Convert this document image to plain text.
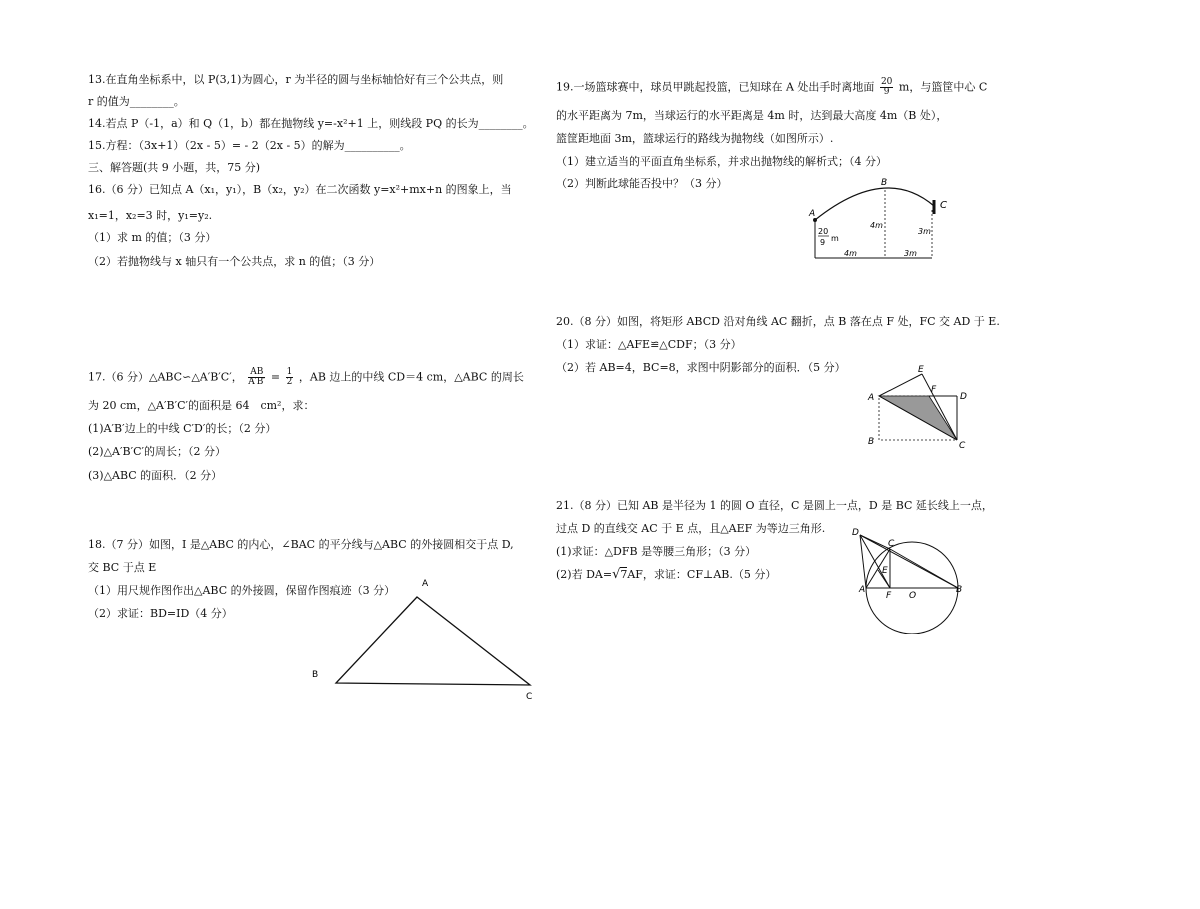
13.在直角坐标系中，以 P(3,1)为圆心，r 为半径的圆与坐标轴恰好有三个公共点，则
r 的值为________。
14.若点 P（-1，a）和 Q（1，b）都在抛物线 y=-x²+1 上，则线段 PQ 的长为________。
15.方程：（3x+1）（2x - 5）= - 2（2x - 5）的解为__________。
三、解答题(共 9 小题，共，75 分)
16.（6 分）已知点 A（x₁，y₁），B（x₂，y₂）在二次函数 y=x²+mx+n 的图象上，当
x₁=1，x₂=3 时，y₁=y₂.
（1）求 m 的值；（3 分）
（2）若抛物线与 x 轴只有一个公共点，求 n 的值；（3 分）
17.（6 分）△ABC∽△A′B′C′， $\frac{AB}{A'B'} = \frac{1}{2}$ ，AB 边上的中线 CD＝4 cm，△ABC 的周长
为 20 cm，△A′B′C′的面积是 64　cm²，求：
(1)A′B′边上的中线 C′D′的长；（2 分）
(2)△A′B′C′的周长；（2 分）
(3)△ABC 的面积．（2 分）
18.（7 分）如图，I 是△ABC 的内心，∠BAC 的平分线与△ABC 的外接圆相交于点 D,
交 BC 于点 E
（1）用尺规作图作出△ABC 的外接圆，保留作图痕迹（3 分）
（2）求证：BD=ID（4 分）
A
B
C
19.一场篮球赛中，球员甲跳起投篮，已知球在 A 处出手时离地面 $\frac{20}{9}$ m，与篮筐中心 C
的水平距离为 7m，当球运行的水平距离是 4m 时，达到最大高度 4m（B 处），
篮筐距地面 3m，篮球运行的路线为抛物线（如图所示）.
（1）建立适当的平面直角坐标系，并求出抛物线的解析式；（4 分）
（2）判断此球能否投中？（3 分）
A
B
C
20
9 m
4m
3m
4m	3m
20.（8 分）如图，将矩形 ABCD 沿对角线 AC 翻折，点 B 落在点 F 处，FC 交 AD 于 E.
（1）求证：△AFE≌△CDF；（3 分）
（2）若 AB=4，BC=8，求图中阴影部分的面积．（5 分）
A
B	C
D
E
F
21.（8 分）已知 AB 是半径为 1 的圆 O 直径，C 是圆上一点，D 是 BC 延长线上一点，
过点 D 的直线交 AC 于 E 点，且△AEF 为等边三角形.
(1)求证：△DFB 是等腰三角形；（3 分）
(2)若 DA=√7AF，求证：CF⊥AB.（5 分）
D
C
E
A
F O
B
